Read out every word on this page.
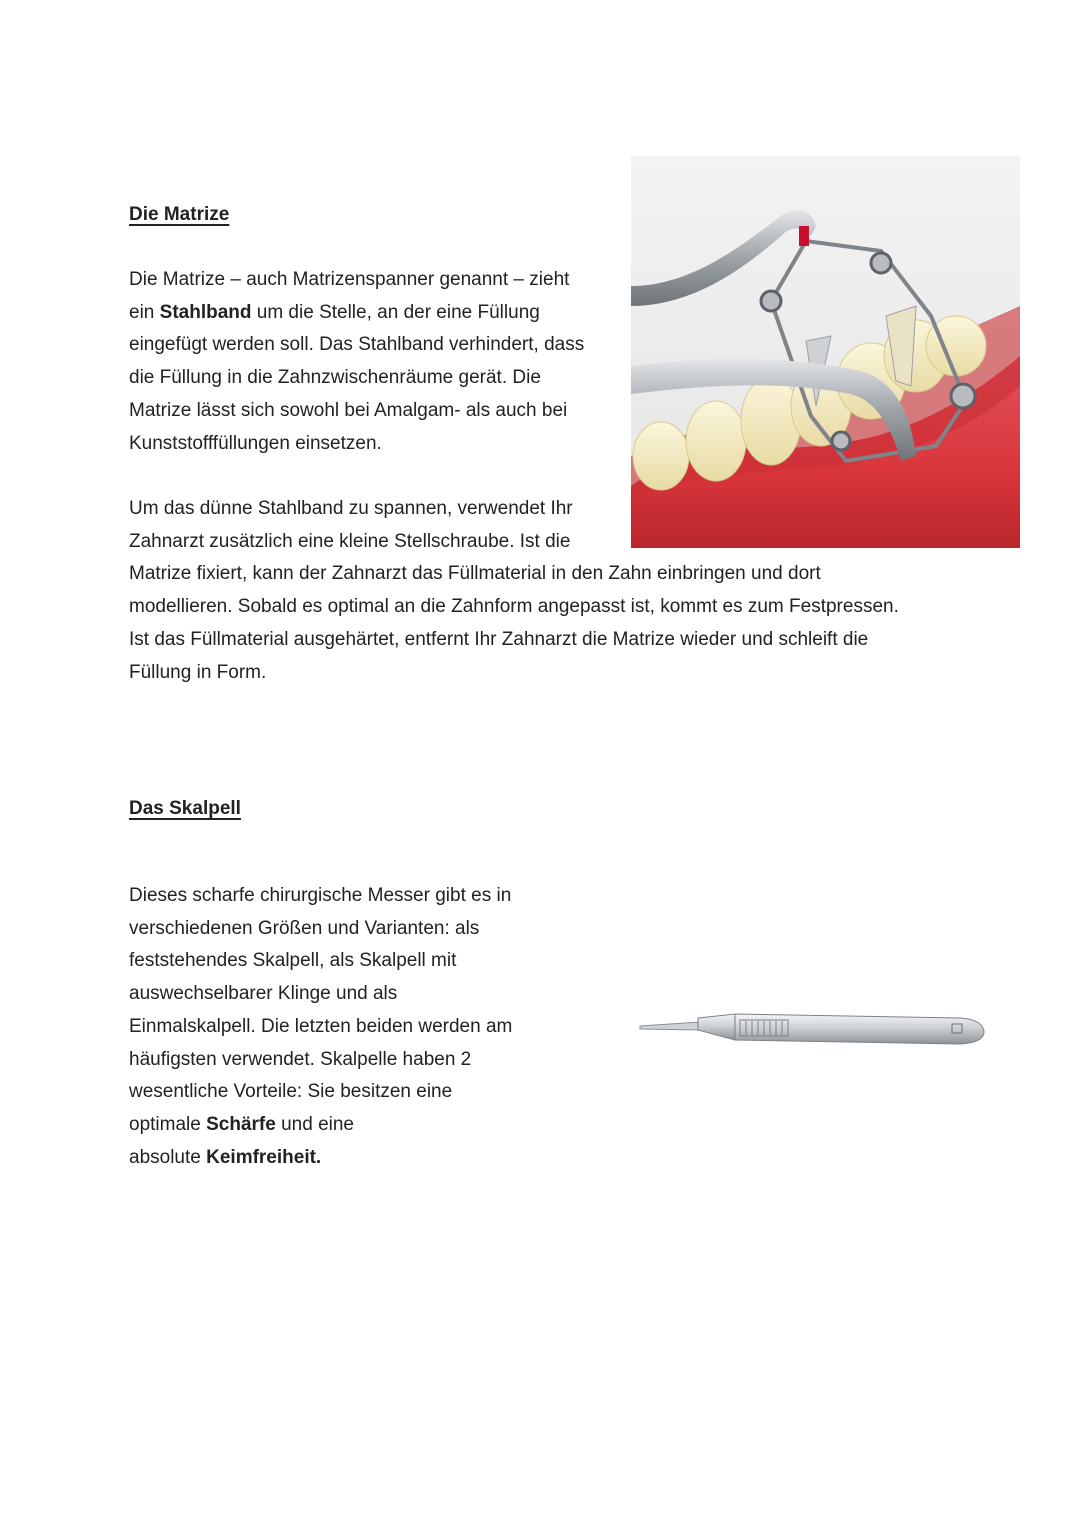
Die Matrize

Die Matrize – auch Matrizenspanner genannt – zieht
ein Stahlband um die Stelle, an der eine Füllung
eingefügt werden soll. Das Stahlband verhindert, dass
die Füllung in die Zahnzwischenräume gerät. Die
Matrize lässt sich sowohl bei Amalgam- als auch bei
Kunststofffüllungen einsetzen.

Um das dünne Stahlband zu spannen, verwendet Ihr
Zahnarzt zusätzlich eine kleine Stellschraube. Ist die
Matrize fixiert, kann der Zahnarzt das Füllmaterial in den Zahn einbringen und dort
modellieren. Sobald es optimal an die Zahnform angepasst ist, kommt es zum Festpressen.
Ist das Füllmaterial ausgehärtet, entfernt Ihr Zahnarzt die Matrize wieder und schleift die
Füllung in Form.

Das Skalpell

Dieses scharfe chirurgische Messer gibt es in
verschiedenen Größen und Varianten: als
feststehendes Skalpell, als Skalpell mit
auswechselbarer Klinge und als
Einmalskalpell. Die letzten beiden werden am
häufigsten verwendet. Skalpelle haben 2
wesentliche Vorteile: Sie besitzen eine
optimale Schärfe und eine
absolute Keimfreiheit.
